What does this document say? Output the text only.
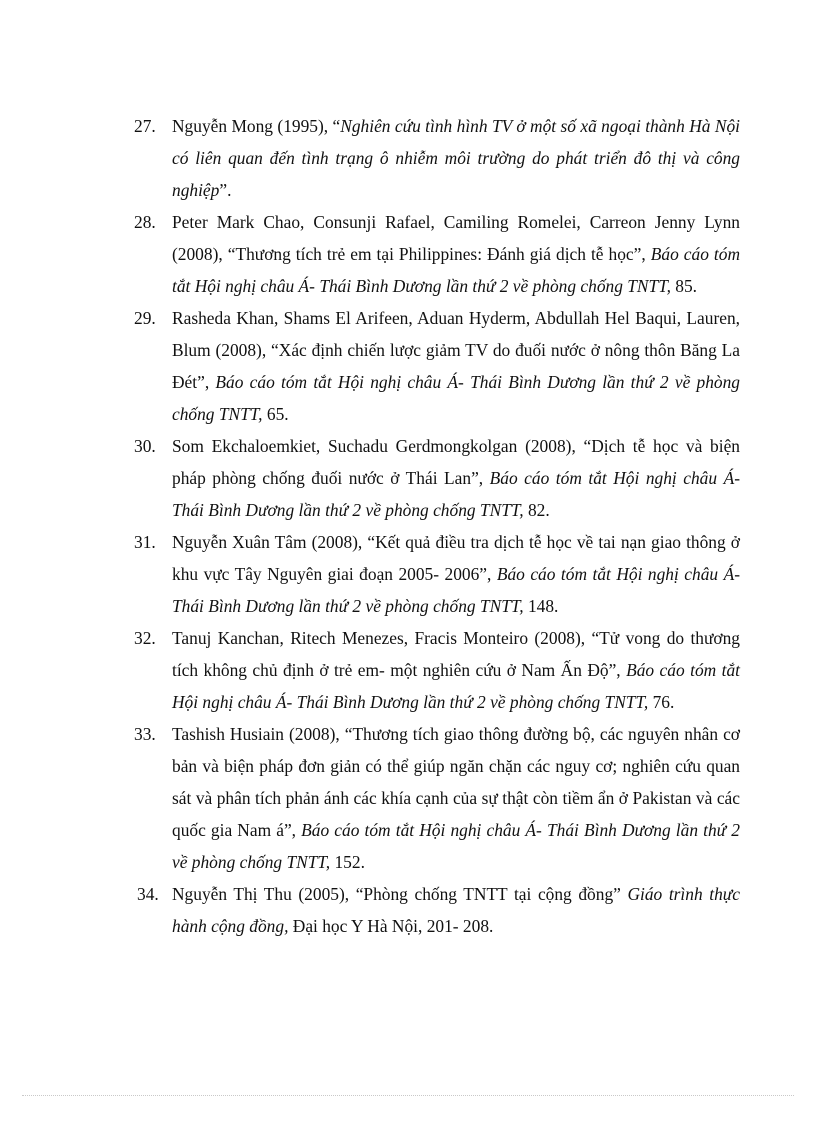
27. Nguyễn Mong (1995), “Nghiên cứu tình hình TV ở một số xã ngoại thành Hà Nội có liên quan đến tình trạng ô nhiễm môi trường do phát triển đô thị và công nghiệp”.
28. Peter Mark Chao, Consunji Rafael, Camiling Romelei, Carreon Jenny Lynn (2008), “Thương tích trẻ em tại Philippines: Đánh giá dịch tễ học”, Báo cáo tóm tắt Hội nghị châu Á- Thái Bình Dương lần thứ 2 về phòng chống TNTT, 85.
29. Rasheda Khan, Shams El Arifeen, Aduan Hyderm, Abdullah Hel Baqui, Lauren, Blum (2008), “Xác định chiến lược giảm TV do đuối nước ở nông thôn Băng La Đét”, Báo cáo tóm tắt Hội nghị châu Á- Thái Bình Dương lần thứ 2 về phòng chống TNTT, 65.
30. Som Ekchaloemkiet, Suchadu Gerdmongkolgan (2008), “Dịch tễ học và biện pháp phòng chống đuối nước ở Thái Lan”, Báo cáo tóm tắt Hội nghị châu Á- Thái Bình Dương lần thứ 2 về phòng chống TNTT, 82.
31. Nguyễn Xuân Tâm (2008), “Kết quả điều tra dịch tễ học về tai nạn giao thông ở khu vực Tây Nguyên giai đoạn 2005- 2006”, Báo cáo tóm tắt Hội nghị châu Á- Thái Bình Dương lần thứ 2 về phòng chống TNTT, 148.
32. Tanuj Kanchan, Ritech Menezes, Fracis Monteiro (2008), “Tử vong do thương tích không chủ định ở trẻ em- một nghiên cứu ở Nam Ấn Độ”, Báo cáo tóm tắt Hội nghị châu Á- Thái Bình Dương lần thứ 2 về phòng chống TNTT, 76.
33. Tashish Husiain (2008), “Thương tích giao thông đường bộ, các nguyên nhân cơ bản và biện pháp đơn giản có thể giúp ngăn chặn các nguy cơ; nghiên cứu quan sát và phân tích phản ánh các khía cạnh của sự thật còn tiềm ẩn ở Pakistan và các quốc gia Nam á”, Báo cáo tóm tắt Hội nghị châu Á- Thái Bình Dương lần thứ 2 về phòng chống TNTT, 152.
34. Nguyễn Thị Thu (2005), “Phòng chống TNTT tại cộng đồng” Giáo trình thực hành cộng đồng, Đại học Y Hà Nội, 201- 208.
